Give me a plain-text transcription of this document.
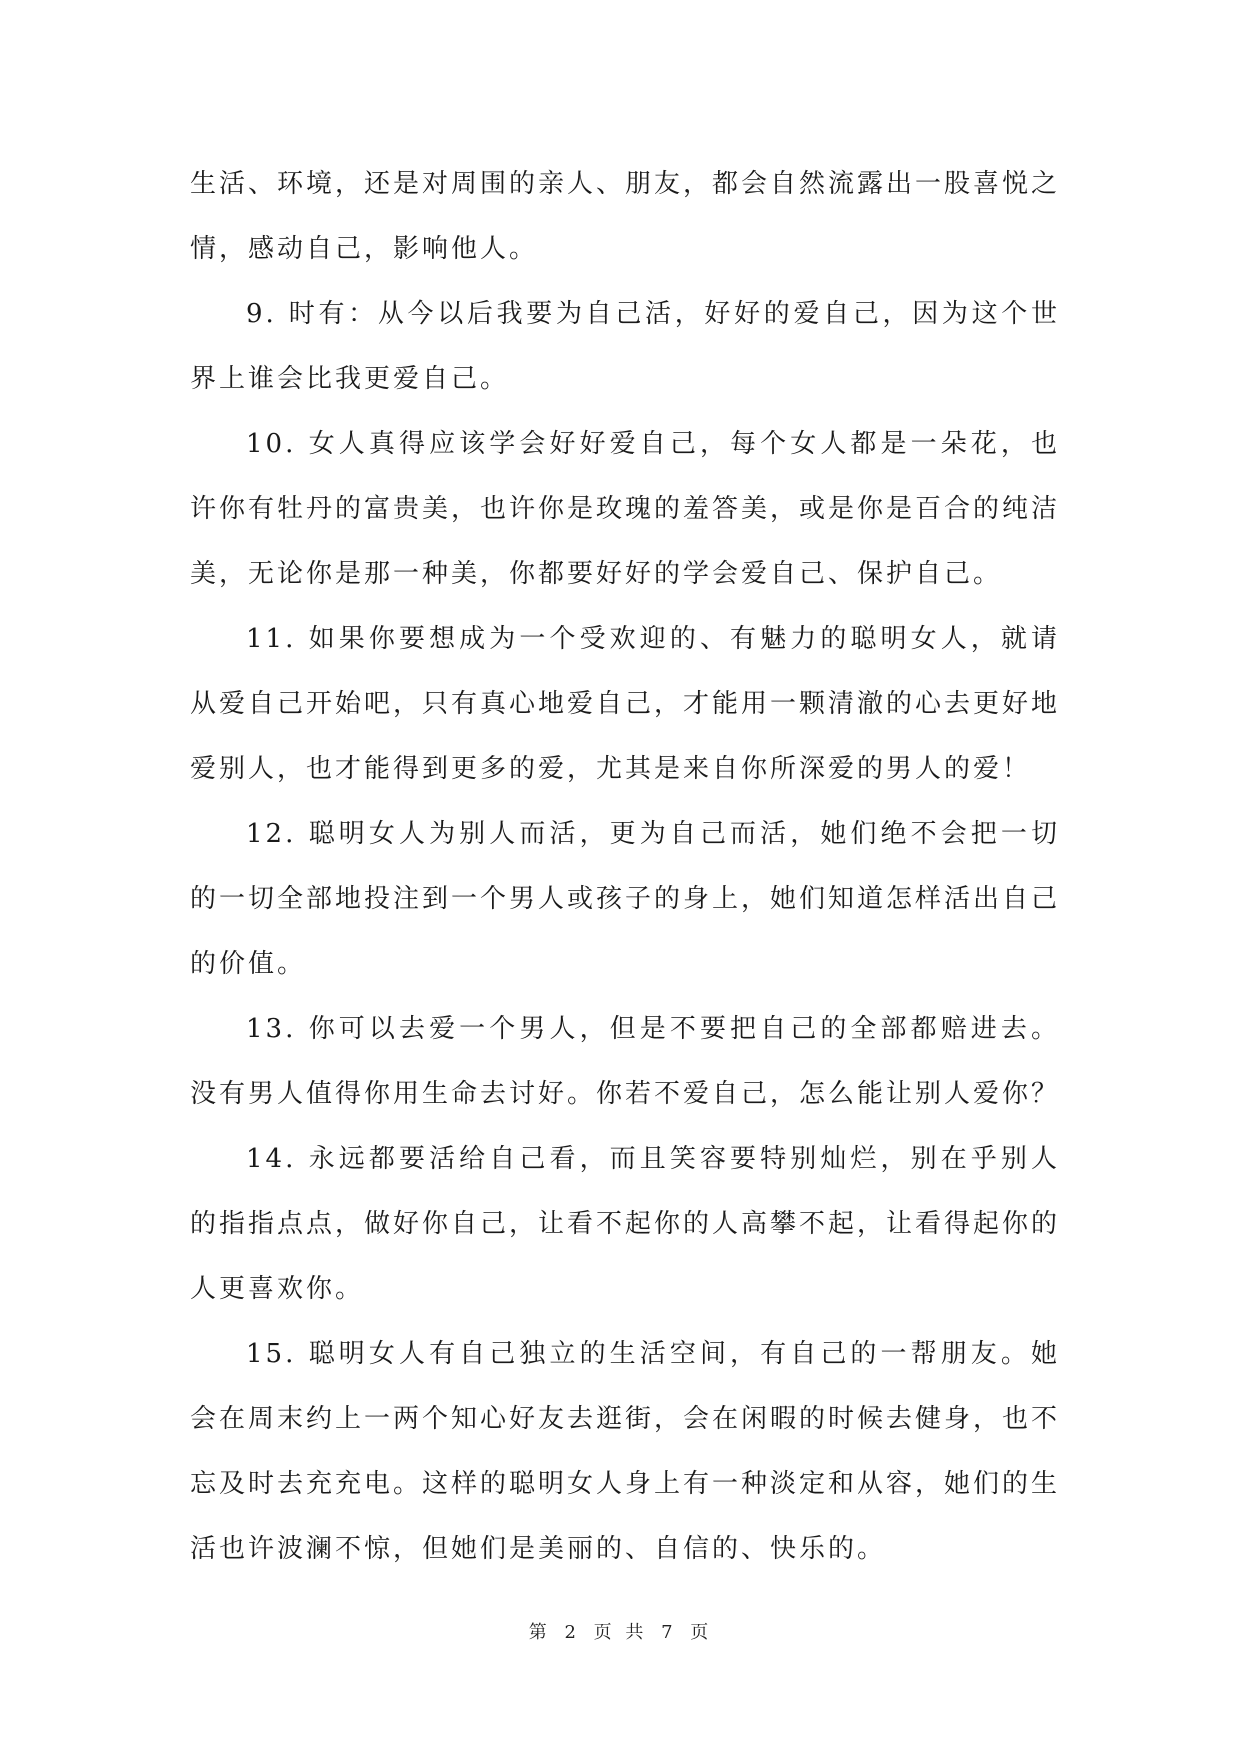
生活、环境，还是对周围的亲人、朋友，都会自然流露出一股喜悦之情，感动自己，影响他人。

9. 时有：从今以后我要为自己活，好好的爱自己，因为这个世界上谁会比我更爱自己。

10. 女人真得应该学会好好爱自己，每个女人都是一朵花，也许你有牡丹的富贵美，也许你是玫瑰的羞答美，或是你是百合的纯洁美，无论你是那一种美，你都要好好的学会爱自己、保护自己。

11. 如果你要想成为一个受欢迎的、有魅力的聪明女人，就请从爱自己开始吧，只有真心地爱自己，才能用一颗清澈的心去更好地爱别人，也才能得到更多的爱，尤其是来自你所深爱的男人的爱！

12. 聪明女人为别人而活，更为自己而活，她们绝不会把一切的一切全部地投注到一个男人或孩子的身上，她们知道怎样活出自己的价值。

13. 你可以去爱一个男人，但是不要把自己的全部都赔进去。没有男人值得你用生命去讨好。你若不爱自己，怎么能让别人爱你？

14. 永远都要活给自己看，而且笑容要特别灿烂，别在乎别人的指指点点，做好你自己，让看不起你的人高攀不起，让看得起你的人更喜欢你。

15. 聪明女人有自己独立的生活空间，有自己的一帮朋友。她会在周末约上一两个知心好友去逛街，会在闲暇的时候去健身，也不忘及时去充充电。这样的聪明女人身上有一种淡定和从容，她们的生活也许波澜不惊，但她们是美丽的、自信的、快乐的。

第 2 页 共 7 页
